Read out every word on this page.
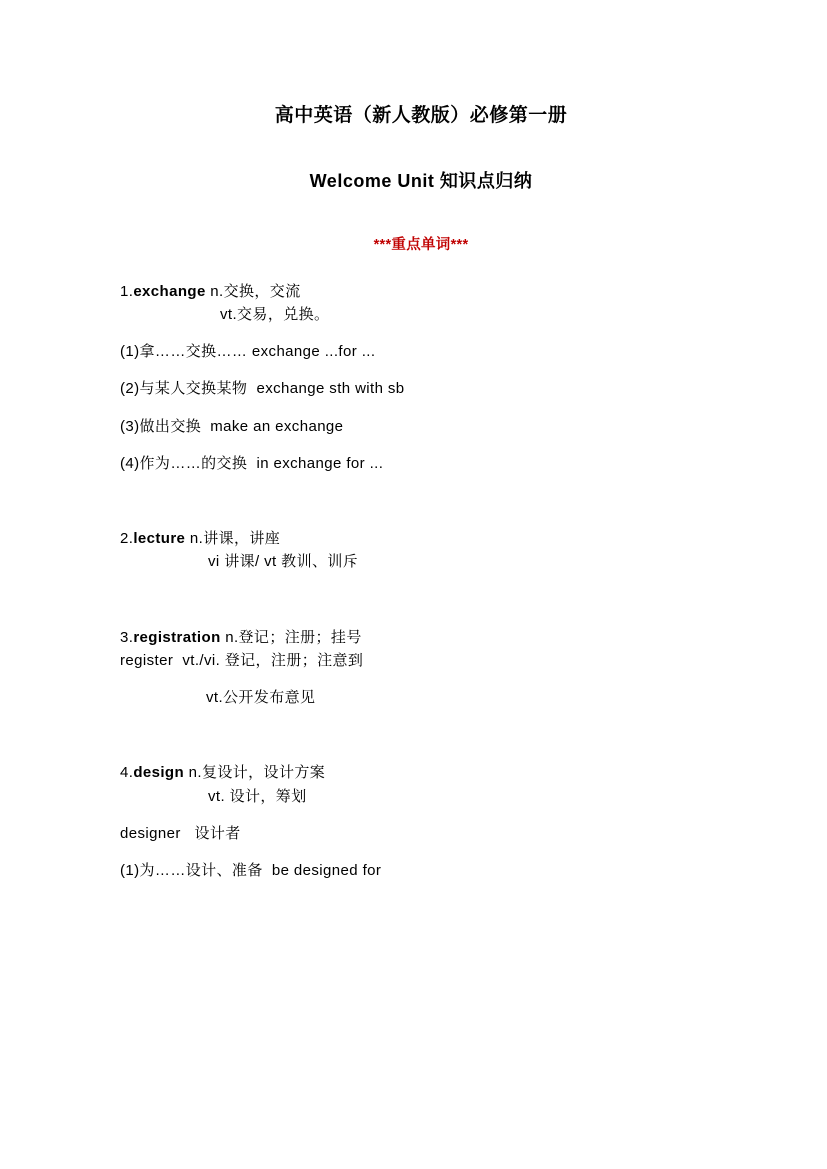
高中英语（新人教版）必修第一册
Welcome Unit 知识点归纳
***重点单词***
1.exchange n.交换，交流
vt.交易，兑换。
(1)拿……交换…… exchange ...for ...
(2)与某人交换某物  exchange sth with sb
(3)做出交换  make an exchange
(4)作为……的交换  in exchange for ...
2.lecture n.讲课，讲座
vi 讲课/ vt 教训、训斥
3.registration n.登记；注册；挂号
register  vt./vi. 登记，注册；注意到
vt.公开发布意见
4.design n.复设计，设计方案
vt. 设计，筹划
designer   设计者
(1)为……设计、准备  be designed for
